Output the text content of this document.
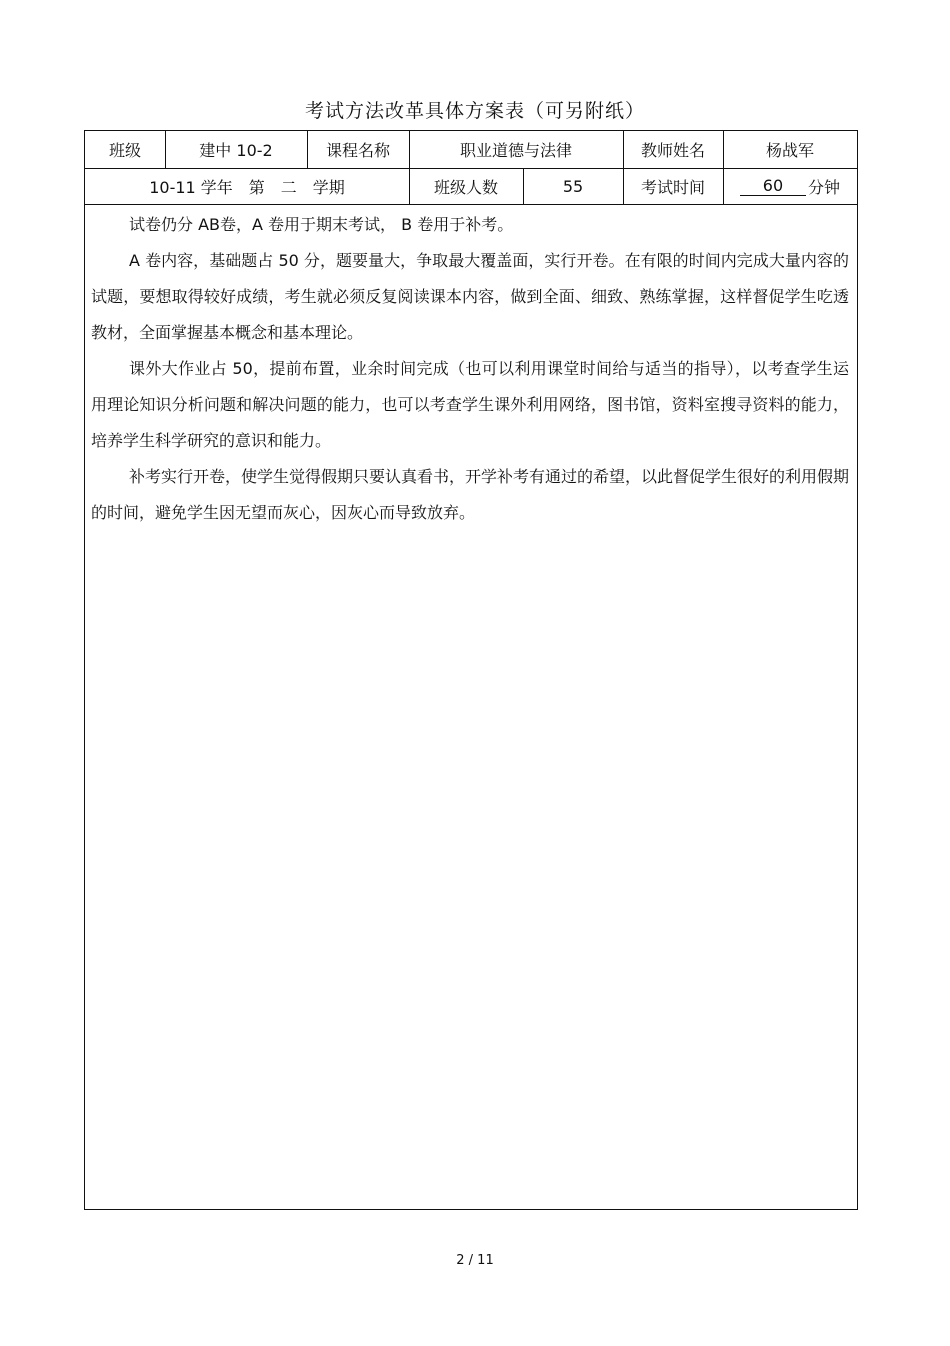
考试方法改革具体方案表（可另附纸）
班级	建中 10-2	课程名称	职业道德与法律	教师姓名	杨战军
10-11 学年　第　二　学期	班级人数	55	考试时间	60	分钟

试卷仍分 AB卷，A 卷用于期末考试， B 卷用于补考。

A 卷内容，基础题占 50 分，题要量大，争取最大覆盖面，实行开卷。在有限的时间内完成大量内容的试题，要想取得较好成绩，考生就必须反复阅读课本内容，做到全面、细致、熟练掌握，这样督促学生吃透教材，全面掌握基本概念和基本理论。

课外大作业占 50，提前布置，业余时间完成（也可以利用课堂时间给与适当的指导），以考查学生运用理论知识分析问题和解决问题的能力，也可以考查学生课外利用网络，图书馆，资料室搜寻资料的能力，培养学生科学研究的意识和能力。

补考实行开卷，使学生觉得假期只要认真看书，开学补考有通过的希望，以此督促学生很好的利用假期的时间，避免学生因无望而灰心，因灰心而导致放弃。

2 / 11
